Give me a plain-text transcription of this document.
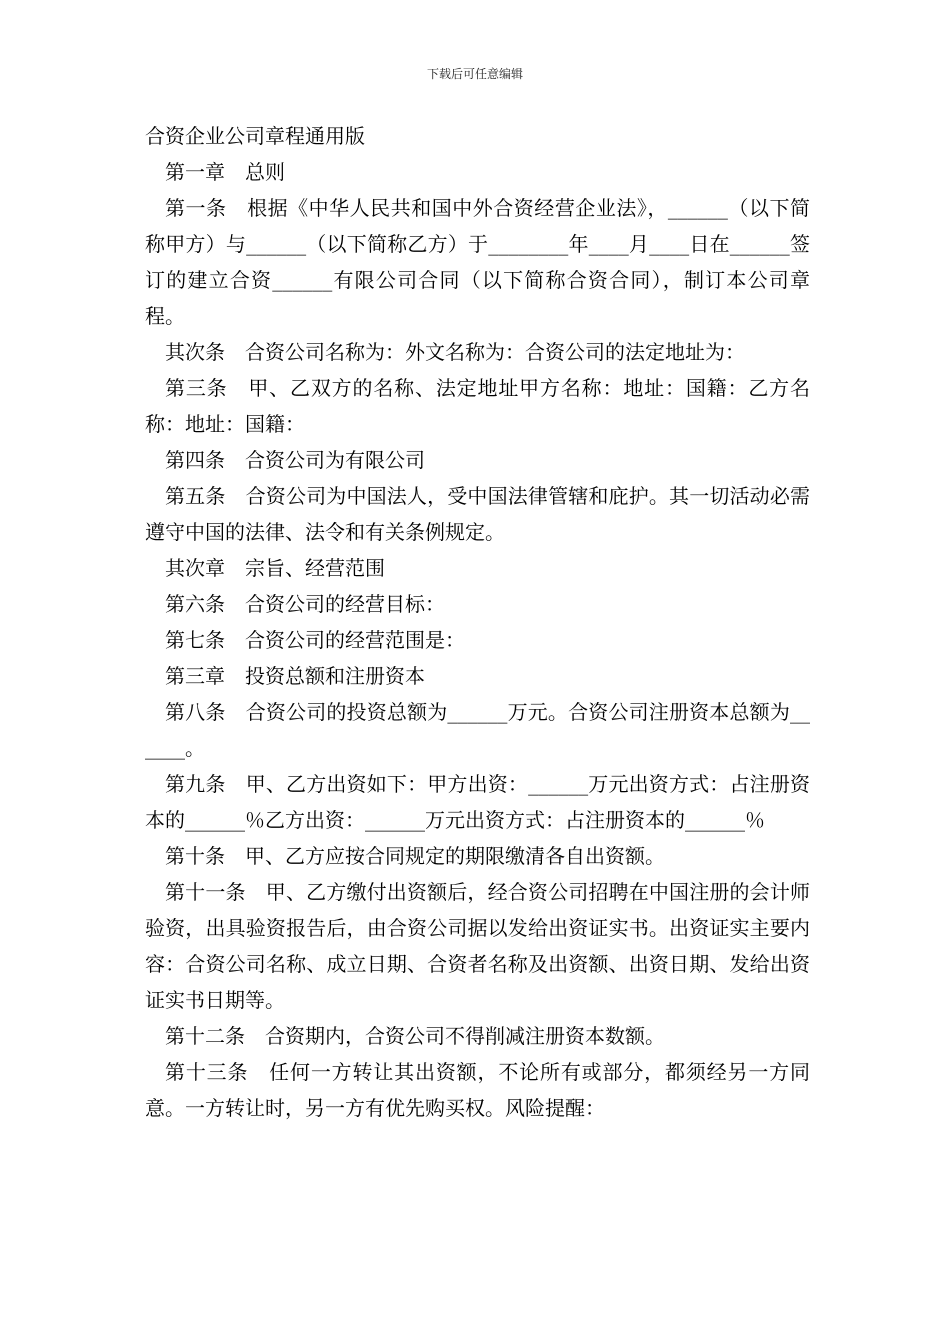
下载后可任意编辑
合资企业公司章程通用版

第一章　总则

第一条　根据《中华人民共和国中外合资经营企业法》，______（以下简称甲方）与______（以下简称乙方）于________年____月____日在______签订的建立合资______有限公司合同（以下简称合资合同），制订本公司章程。

其次条　合资公司名称为：外文名称为：合资公司的法定地址为：

第三条　甲、乙双方的名称、法定地址甲方名称：地址：国籍：乙方名称：地址：国籍：

第四条　合资公司为有限公司

第五条　合资公司为中国法人，受中国法律管辖和庇护。其一切活动必需遵守中国的法律、法令和有关条例规定。

其次章　宗旨、经营范围

第六条　合资公司的经营目标：

第七条　合资公司的经营范围是：

第三章　投资总额和注册资本

第八条　合资公司的投资总额为______万元。合资公司注册资本总额为______。

第九条　甲、乙方出资如下：甲方出资：______万元出资方式：占注册资本的______％乙方出资：______万元出资方式：占注册资本的______％

第十条　甲、乙方应按合同规定的期限缴清各自出资额。

第十一条　甲、乙方缴付出资额后，经合资公司招聘在中国注册的会计师验资，出具验资报告后，由合资公司据以发给出资证实书。出资证实主要内容：合资公司名称、成立日期、合资者名称及出资额、出资日期、发给出资证实书日期等。

第十二条　合资期内，合资公司不得削减注册资本数额。

第十三条　任何一方转让其出资额，不论所有或部分，都须经另一方同意。一方转让时，另一方有优先购买权。风险提醒：
